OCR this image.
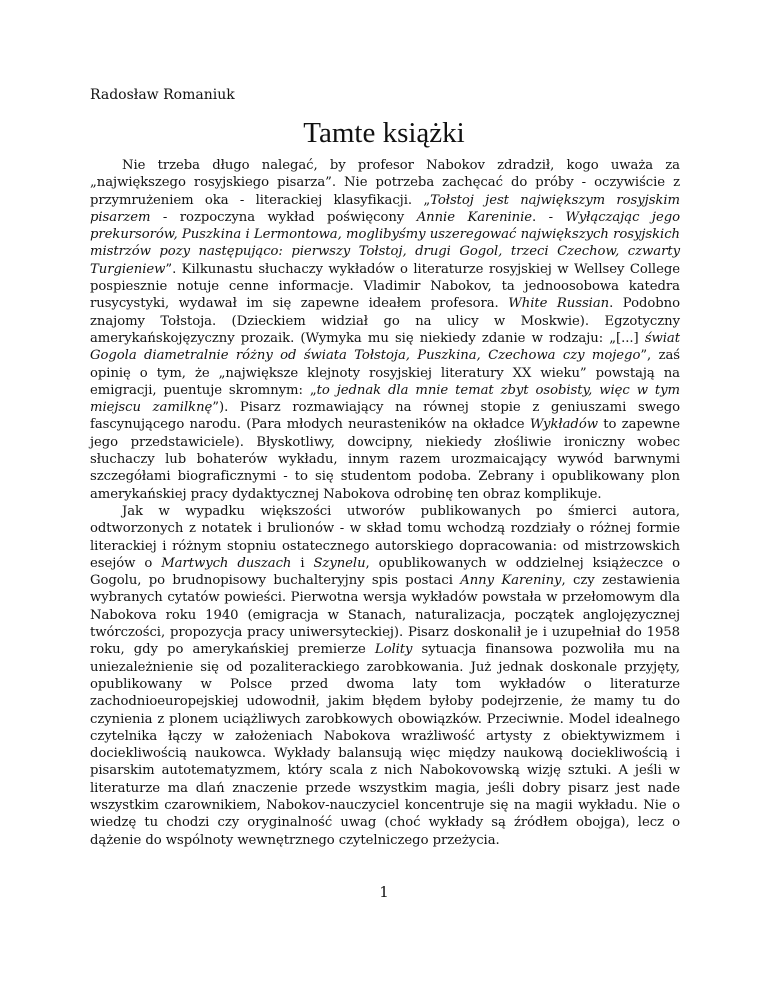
Radosław Romaniuk

Tamte książki

Nie trzeba długo nalegać, by profesor Nabokov zdradził, kogo uważa za „największego rosyjskiego pisarza”. Nie potrzeba zachęcać do próby - oczywiście z przymrużeniem oka - literackiej klasyfikacji. „Tołstoj jest największym rosyjskim pisarzem - rozpoczyna wykład poświęcony Annie Kareninie. - Wyłączając jego prekursorów, Puszkina i Lermontowa, moglibyśmy uszeregować największych rosyjskich mistrzów pozy następująco: pierwszy Tołstoj, drugi Gogol, trzeci Czechow, czwarty Turgieniew”. Kilkunastu słuchaczy wykładów o literaturze rosyjskiej w Wellsey College pospiesznie notuje cenne informacje. Vladimir Nabokov, ta jednoosobowa katedra rusycystyki, wydawał im się zapewne ideałem profesora. White Russian. Podobno znajomy Tołstoja. (Dzieckiem widział go na ulicy w Moskwie). Egzotyczny amerykańskojęzyczny prozaik. (Wymyka mu się niekiedy zdanie w rodzaju: „[...] świat Gogola diametralnie różny od świata Tołstoja, Puszkina, Czechowa czy mojego”, zaś opinię o tym, że „największe klejnoty rosyjskiej literatury XX wieku” powstają na emigracji, puentuje skromnym: „to jednak dla mnie temat zbyt osobisty, więc w tym miejscu zamilknę”). Pisarz rozmawiający na równej stopie z geniuszami swego fascynującego narodu. (Para młodych neurasteników na okładce Wykładów to zapewne jego przedstawiciele). Błyskotliwy, dowcipny, niekiedy złośliwie ironiczny wobec słuchaczy lub bohaterów wykładu, innym razem urozmaicający wywód barwnymi szczegółami biograficznymi - to się studentom podoba. Zebrany i opublikowany plon amerykańskiej pracy dydaktycznej Nabokova odrobinę ten obraz komplikuje.

Jak w wypadku większości utworów publikowanych po śmierci autora, odtworzonych z notatek i brulionów - w skład tomu wchodzą rozdziały o różnej formie literackiej i różnym stopniu ostatecznego autorskiego dopracowania: od mistrzowskich esejów o Martwych duszach i Szynelu, opublikowanych w oddzielnej książeczce o Gogolu, po brudnopisowy buchalteryjny spis postaci Anny Kareniny, czy zestawienia wybranych cytatów powieści. Pierwotna wersja wykładów powstała w przełomowym dla Nabokova roku 1940 (emigracja w Stanach, naturalizacja, początek anglojęzycznej twórczości, propozycja pracy uniwersyteckiej). Pisarz doskonalił je i uzupełniał do 1958 roku, gdy po amerykańskiej premierze Lolity sytuacja finansowa pozwoliła mu na uniezależnienie się od pozaliterackiego zarobkowania. Już jednak doskonale przyjęty, opublikowany w Polsce przed dwoma laty tom wykładów o literaturze zachodnioeuropejskiej udowodnił, jakim błędem byłoby podejrzenie, że mamy tu do czynienia z plonem uciążliwych zarobkowych obowiązków. Przeciwnie. Model idealnego czytelnika łączy w założeniach Nabokova wrażliwość artysty z obiektywizmem i dociekliwością naukowca. Wykłady balansują więc między naukową dociekliwością i pisarskim autotematyzmem, który scala z nich Nabokovowską wizję sztuki. A jeśli w literaturze ma dlań znaczenie przede wszystkim magia, jeśli dobry pisarz jest nade wszystkim czarownikiem, Nabokov-nauczyciel koncentruje się na magii wykładu. Nie o wiedzę tu chodzi czy oryginalność uwag (choć wykłady są źródłem obojga), lecz o dążenie do wspólnoty wewnętrznego czytelniczego przeżycia.

1
